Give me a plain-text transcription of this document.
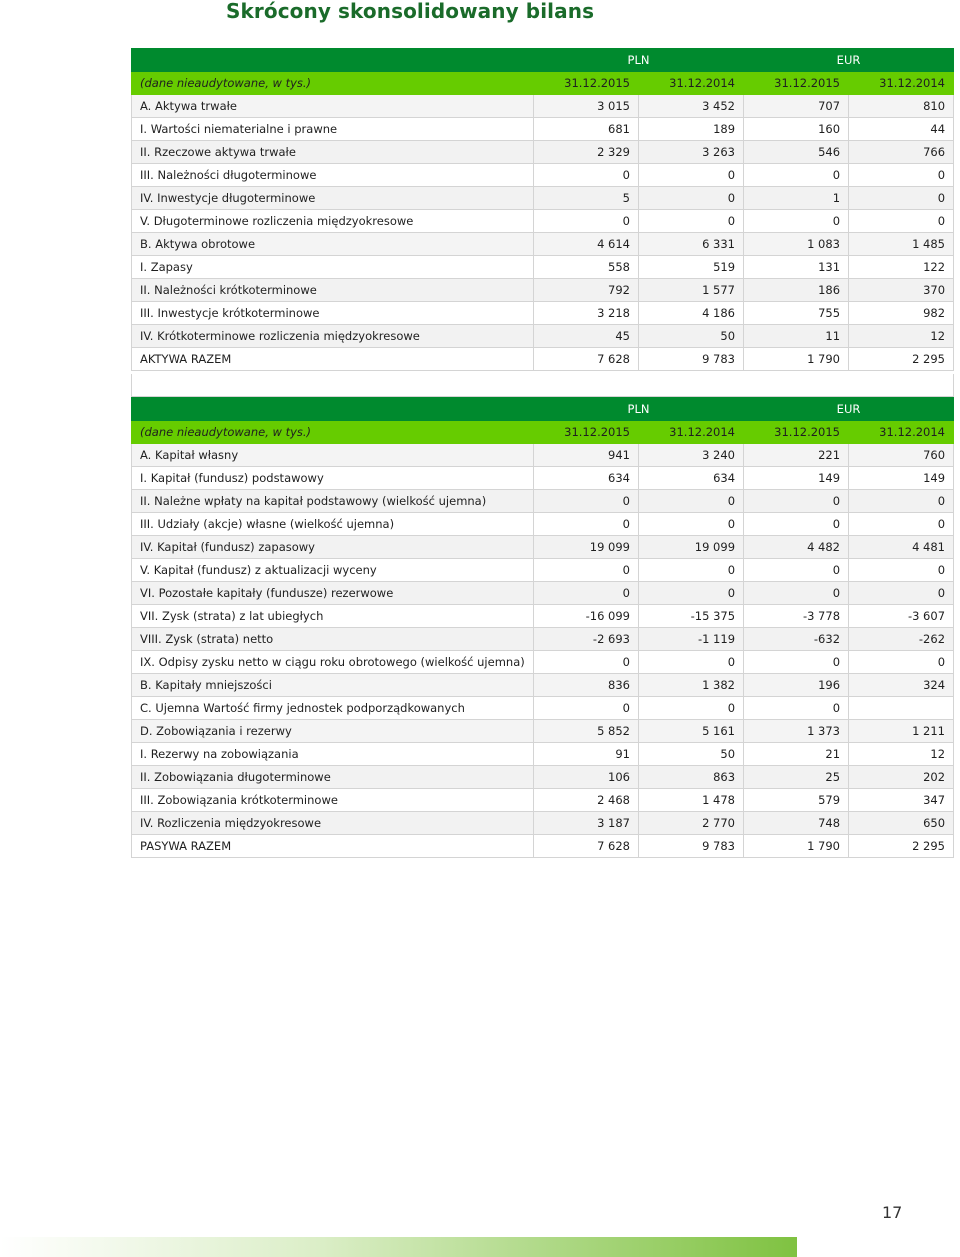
Skrócony skonsolidowany bilans
	PLN		EUR	
(dane nieaudytowane, w tys.)	31.12.2015	31.12.2014	31.12.2015	31.12.2014
A. Aktywa trwałe	3 015	3 452	707	810
I. Wartości niematerialne i prawne	681	189	160	44
II. Rzeczowe aktywa trwałe	2 329	3 263	546	766
III. Należności długoterminowe	0	0	0	0
IV. Inwestycje długoterminowe	5	0	1	0
V. Długoterminowe rozliczenia międzyokresowe	0	0	0	0
B. Aktywa obrotowe	4 614	6 331	1 083	1 485
I. Zapasy	558	519	131	122
II. Należności krótkoterminowe	792	1 577	186	370
III. Inwestycje krótkoterminowe	3 218	4 186	755	982
IV. Krótkoterminowe rozliczenia międzyokresowe	45	50	11	12
AKTYWA RAZEM	7 628	9 783	1 790	2 295
	PLN		EUR	
(dane nieaudytowane, w tys.)	31.12.2015	31.12.2014	31.12.2015	31.12.2014
A. Kapitał własny	941	3 240	221	760
I. Kapitał (fundusz) podstawowy	634	634	149	149
II. Należne wpłaty na kapitał podstawowy (wielkość ujemna)	0	0	0	0
III. Udziały (akcje) własne (wielkość ujemna)	0	0	0	0
IV. Kapitał (fundusz) zapasowy	19 099	19 099	4 482	4 481
V. Kapitał (fundusz) z aktualizacji wyceny	0	0	0	0
VI. Pozostałe kapitały (fundusze) rezerwowe	0	0	0	0
VII. Zysk (strata) z lat ubiegłych	-16 099	-15 375	-3 778	-3 607
VIII. Zysk (strata) netto	-2 693	-1 119	-632	-262
IX. Odpisy zysku netto w ciągu roku obrotowego (wielkość ujemna)	0	0	0	0
B. Kapitały mniejszości	836	1 382	196	324
C. Ujemna Wartość firmy jednostek podporządkowanych	0	0	0	
D. Zobowiązania i rezerwy	5 852	5 161	1 373	1 211
I. Rezerwy na zobowiązania	91	50	21	12
II. Zobowiązania długoterminowe	106	863	25	202
III. Zobowiązania krótkoterminowe	2 468	1 478	579	347
IV. Rozliczenia międzyokresowe	3 187	2 770	748	650
PASYWA RAZEM	7 628	9 783	1 790	2 295
17
